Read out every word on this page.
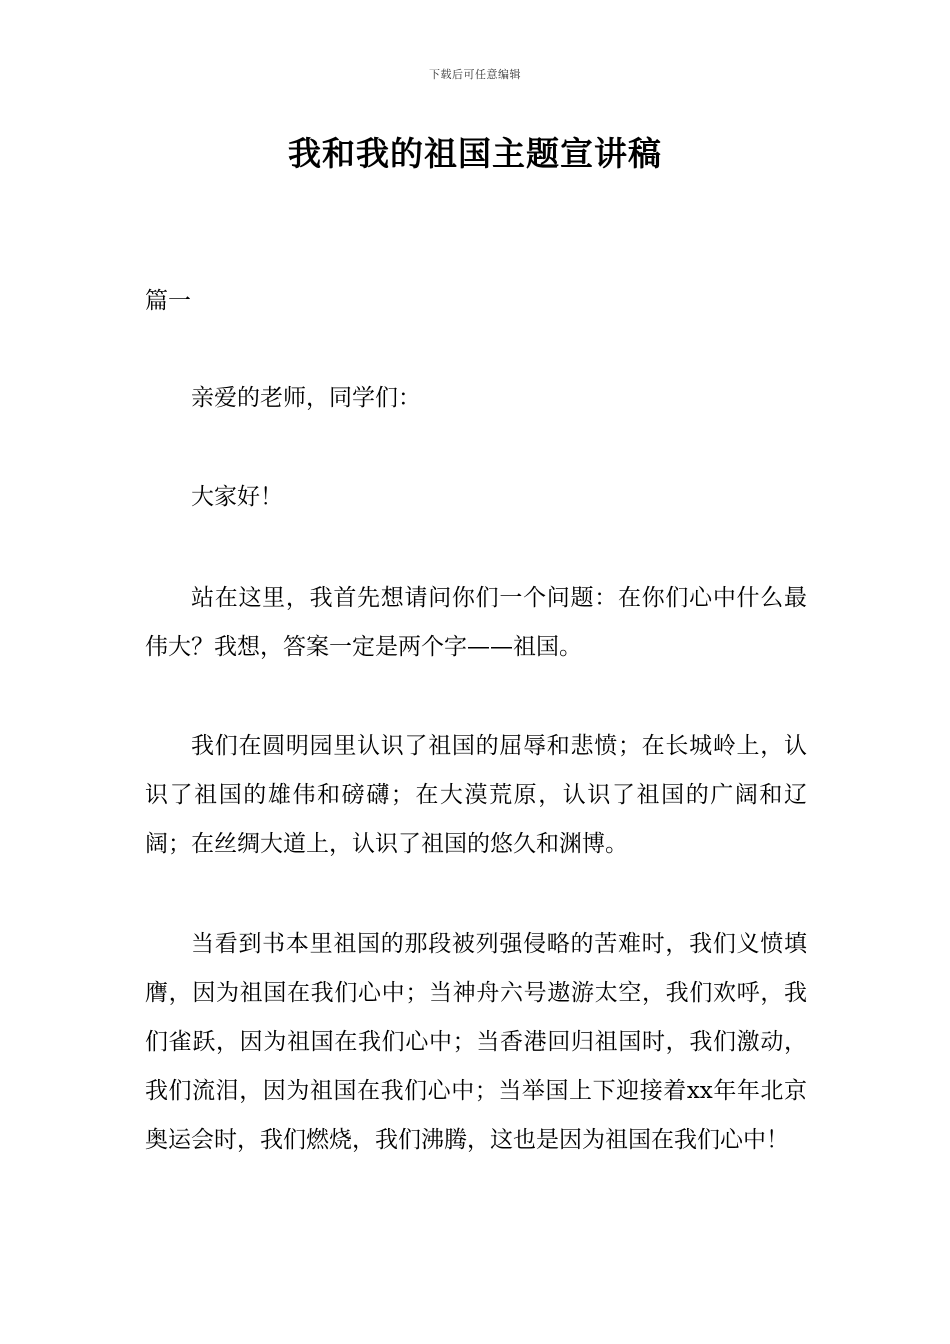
下载后可任意编辑
我和我的祖国主题宣讲稿
篇一

亲爱的老师，同学们：

大家好！

站在这里，我首先想请问你们一个问题：在你们心中什么最伟大？我想，答案一定是两个字——祖国。

我们在圆明园里认识了祖国的屈辱和悲愤；在长城岭上，认识了祖国的雄伟和磅礴；在大漠荒原，认识了祖国的广阔和辽阔；在丝绸大道上，认识了祖国的悠久和渊博。

当看到书本里祖国的那段被列强侵略的苦难时，我们义愤填膺，因为祖国在我们心中；当神舟六号遨游太空，我们欢呼，我们雀跃，因为祖国在我们心中；当香港回归祖国时，我们激动，我们流泪，因为祖国在我们心中；当举国上下迎接着xx年年北京奥运会时，我们燃烧，我们沸腾，这也是因为祖国在我们心中！
